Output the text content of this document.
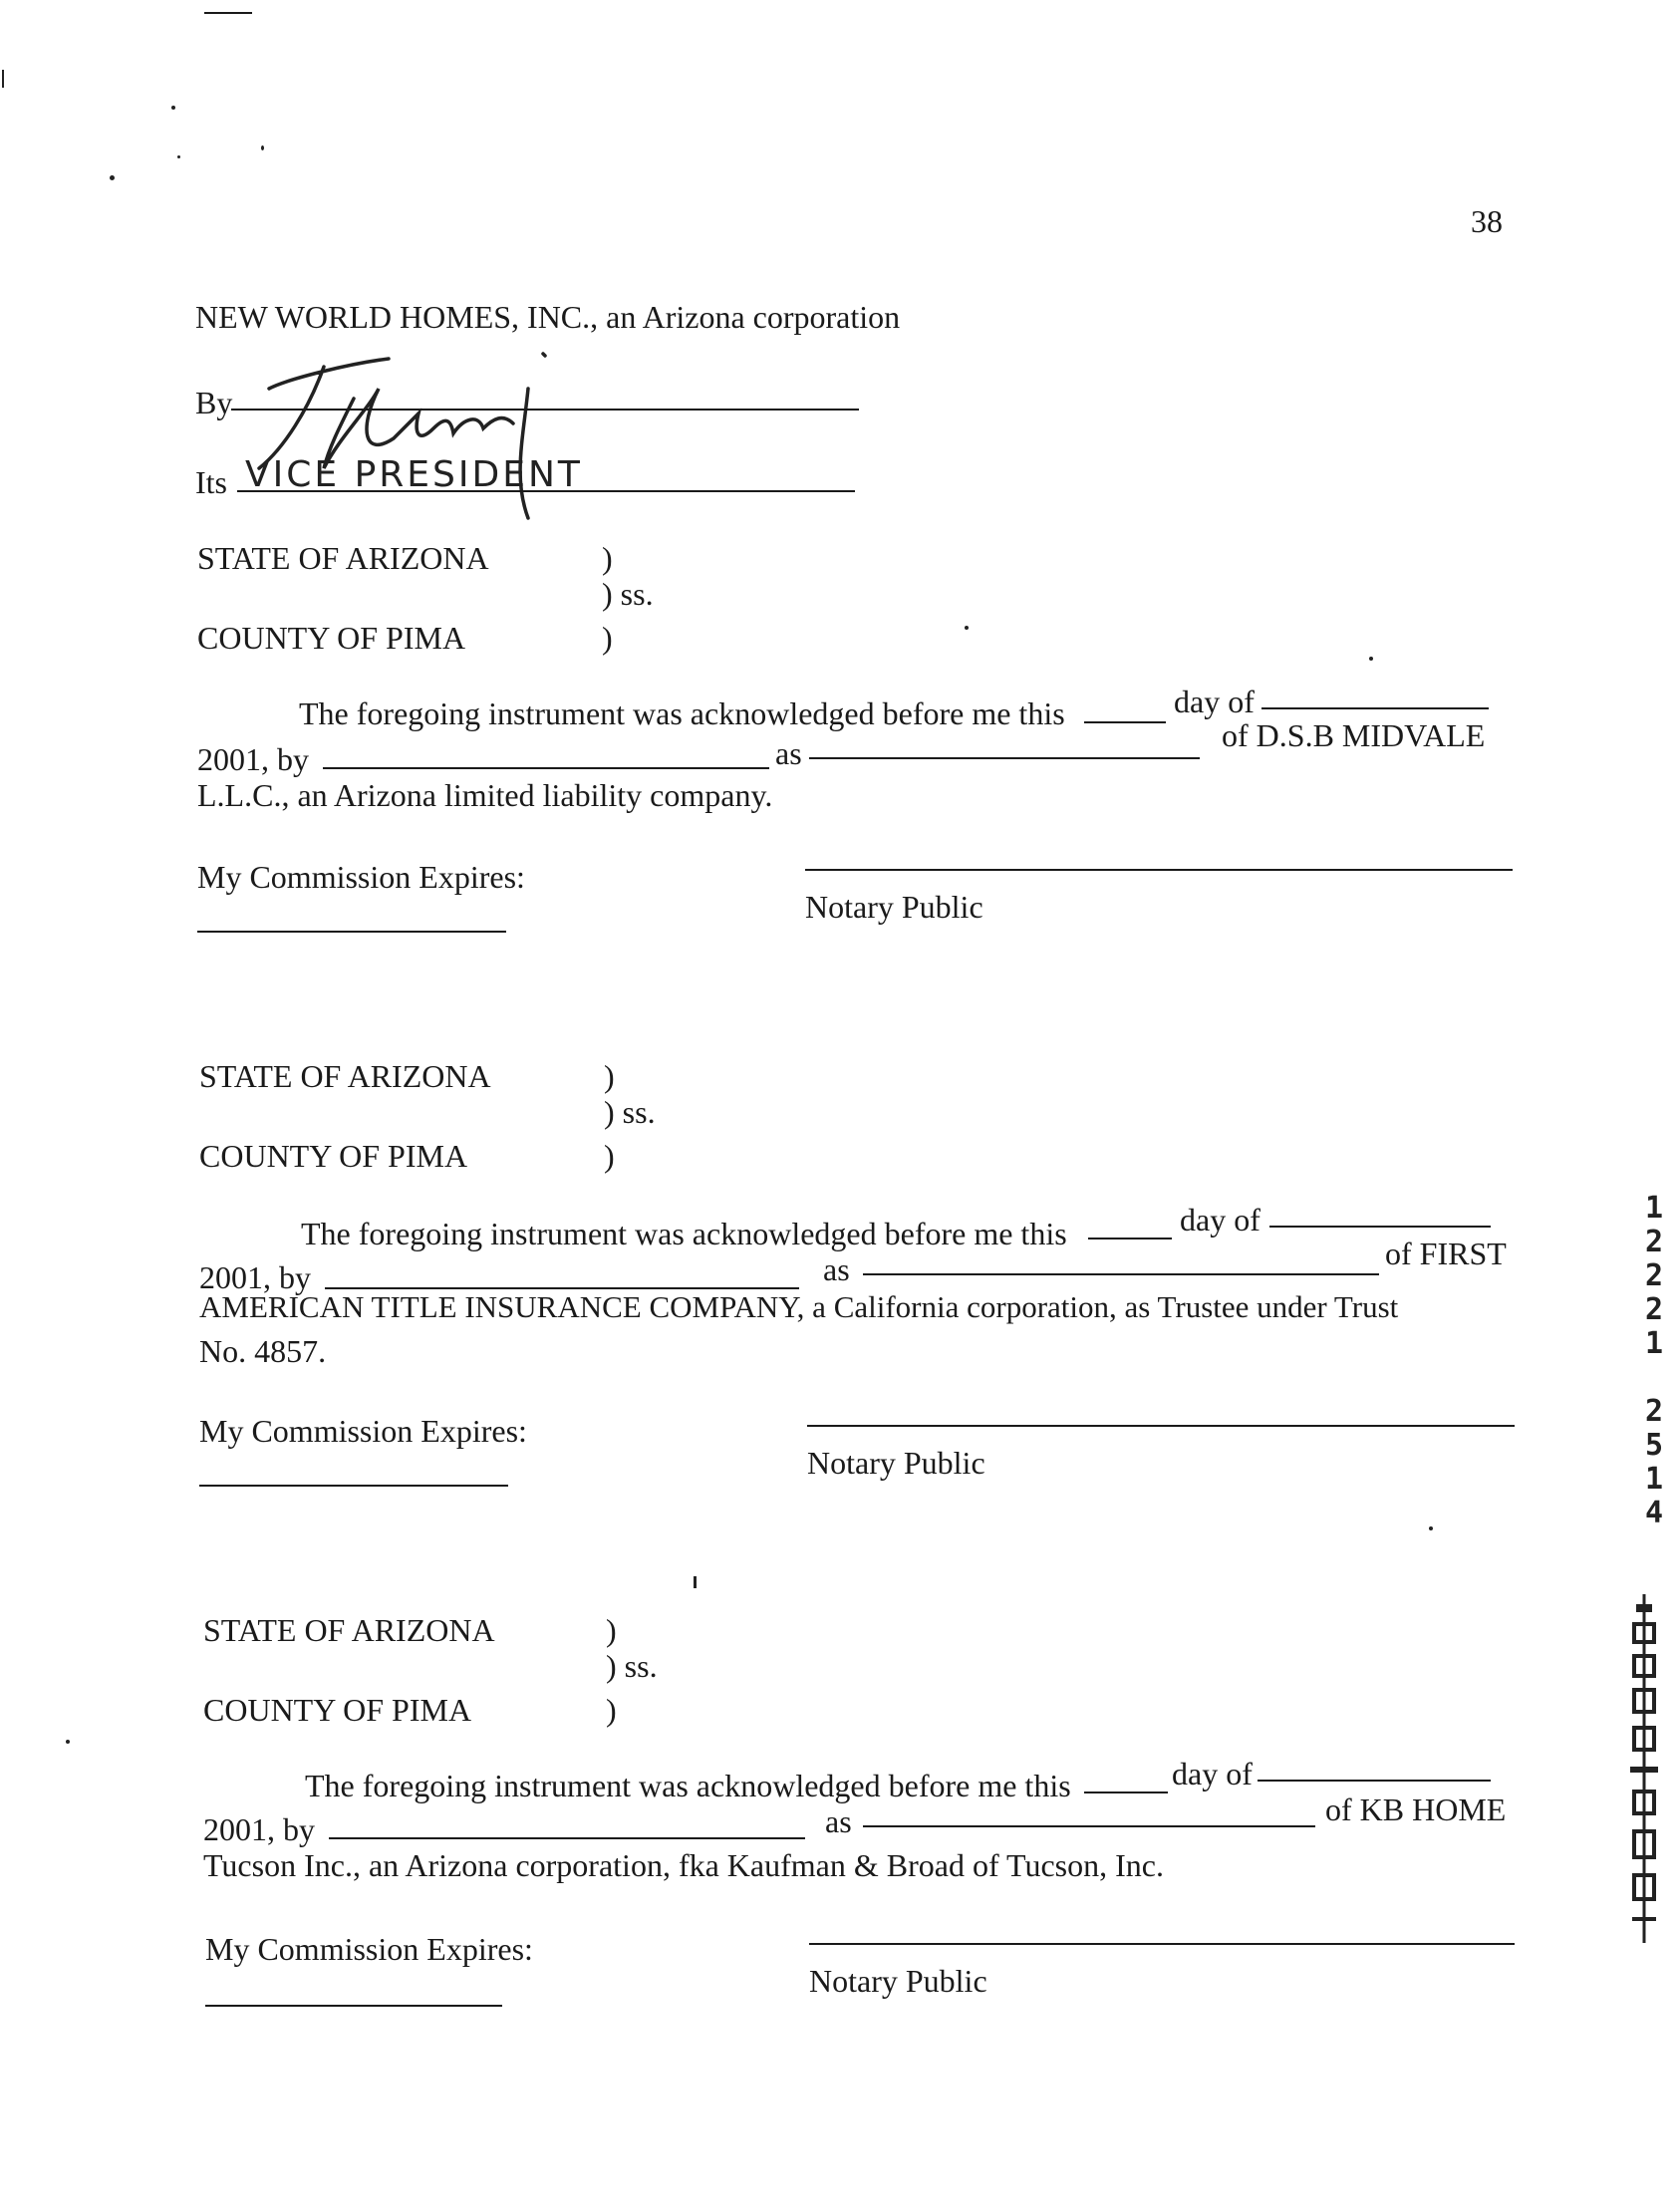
38
NEW WORLD HOMES, INC., an Arizona corporation
By
Its VICE PRESIDENT
STATE OF ARIZONA	)
) ss.
COUNTY OF PIMA	)
The foregoing instrument was acknowledged before me this	day of
2001, by	as	of D.S.B MIDVALE
L.L.C., an Arizona limited liability company.
My Commission Expires:
Notary Public
STATE OF ARIZONA	)
) ss.
COUNTY OF PIMA	)
The foregoing instrument was acknowledged before me this	day of
2001, by	as	of FIRST
AMERICAN TITLE INSURANCE COMPANY, a California corporation, as Trustee under Trust
No. 4857.
My Commission Expires:
Notary Public
STATE OF ARIZONA	)
) ss.
COUNTY OF PIMA	)
The foregoing instrument was acknowledged before me this	day of
2001, by	as	of KB HOME
Tucson Inc., an Arizona corporation, fka Kaufman & Broad of Tucson, Inc.
My Commission Expires:
Notary Public
12221
2514
